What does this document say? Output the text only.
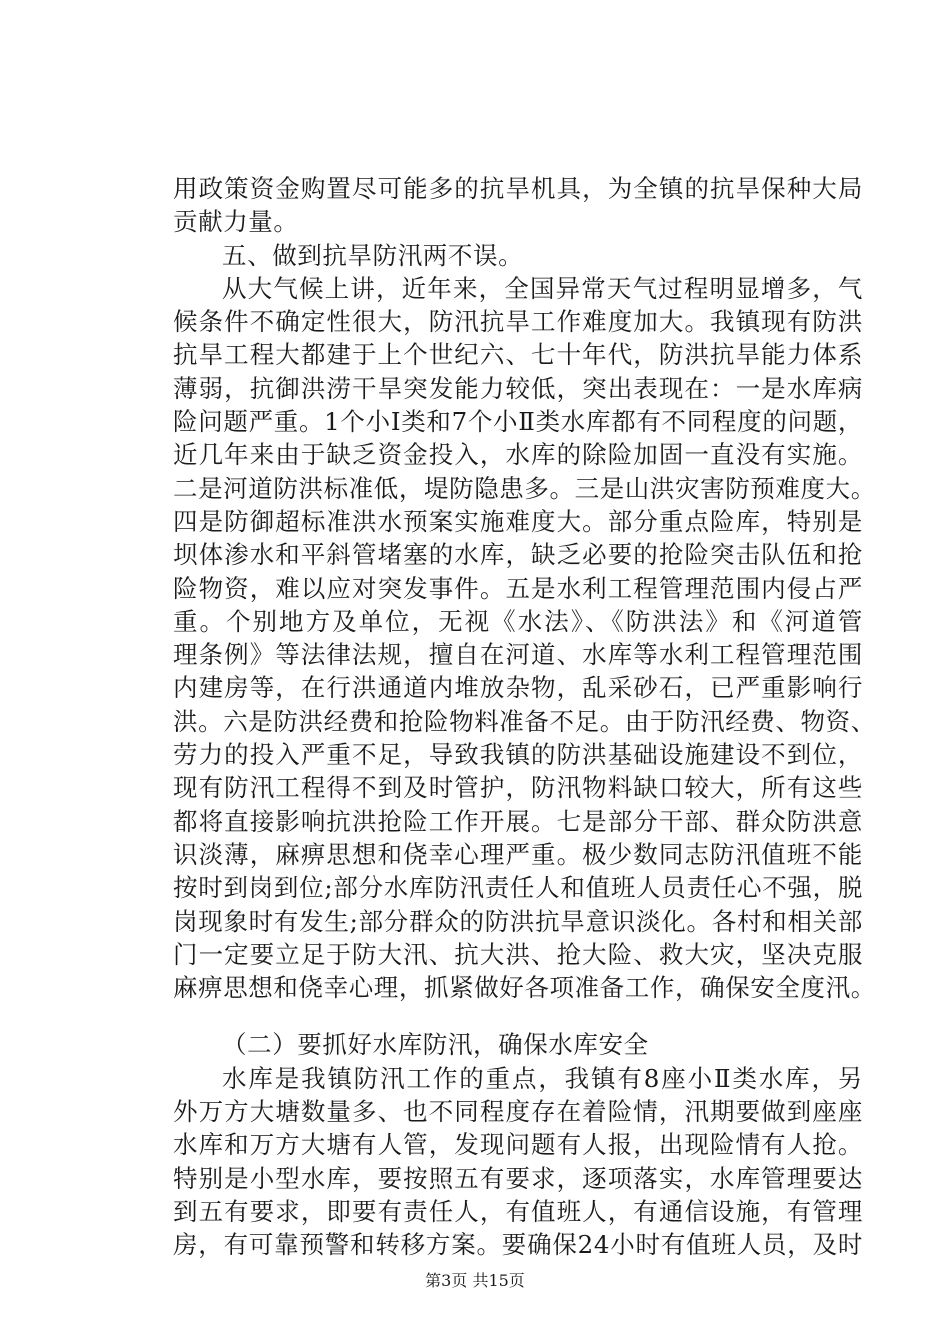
用政策资金购置尽可能多的抗旱机具，为全镇的抗旱保种大局
贡献力量。
五、做到抗旱防汛两不误。
从大气候上讲，近年来，全国异常天气过程明显增多，气
候条件不确定性很大，防汛抗旱工作难度加大。我镇现有防洪
抗旱工程大都建于上个世纪六、七十年代，防洪抗旱能力体系
薄弱，抗御洪涝干旱突发能力较低，突出表现在：一是水库病
险问题严重。1个小Ⅰ类和7个小Ⅱ类水库都有不同程度的问题，
近几年来由于缺乏资金投入，水库的除险加固一直没有实施。
二是河道防洪标准低，堤防隐患多。三是山洪灾害防预难度大。
四是防御超标准洪水预案实施难度大。部分重点险库，特别是
坝体渗水和平斜管堵塞的水库，缺乏必要的抢险突击队伍和抢
险物资，难以应对突发事件。五是水利工程管理范围内侵占严
重。个别地方及单位，无视《水法》、《防洪法》和《河道管
理条例》等法律法规，擅自在河道、水库等水利工程管理范围
内建房等，在行洪通道内堆放杂物，乱采砂石，已严重影响行
洪。六是防洪经费和抢险物料准备不足。由于防汛经费、物资、
劳力的投入严重不足，导致我镇的防洪基础设施建设不到位，
现有防汛工程得不到及时管护，防汛物料缺口较大，所有这些
都将直接影响抗洪抢险工作开展。七是部分干部、群众防洪意
识淡薄，麻痹思想和侥幸心理严重。极少数同志防汛值班不能
按时到岗到位;部分水库防汛责任人和值班人员责任心不强，脱
岗现象时有发生;部分群众的防洪抗旱意识淡化。各村和相关部
门一定要立足于防大汛、抗大洪、抢大险、救大灾，坚决克服
麻痹思想和侥幸心理，抓紧做好各项准备工作，确保安全度汛。
（二）要抓好水库防汛，确保水库安全
水库是我镇防汛工作的重点，我镇有8座小Ⅱ类水库，另
外万方大塘数量多、也不同程度存在着险情，汛期要做到座座
水库和万方大塘有人管，发现问题有人报，出现险情有人抢。
特别是小型水库，要按照五有要求，逐项落实，水库管理要达
到五有要求，即要有责任人，有值班人，有通信设施，有管理
房，有可靠预警和转移方案。要确保24小时有值班人员，及时
第3页 共15页
